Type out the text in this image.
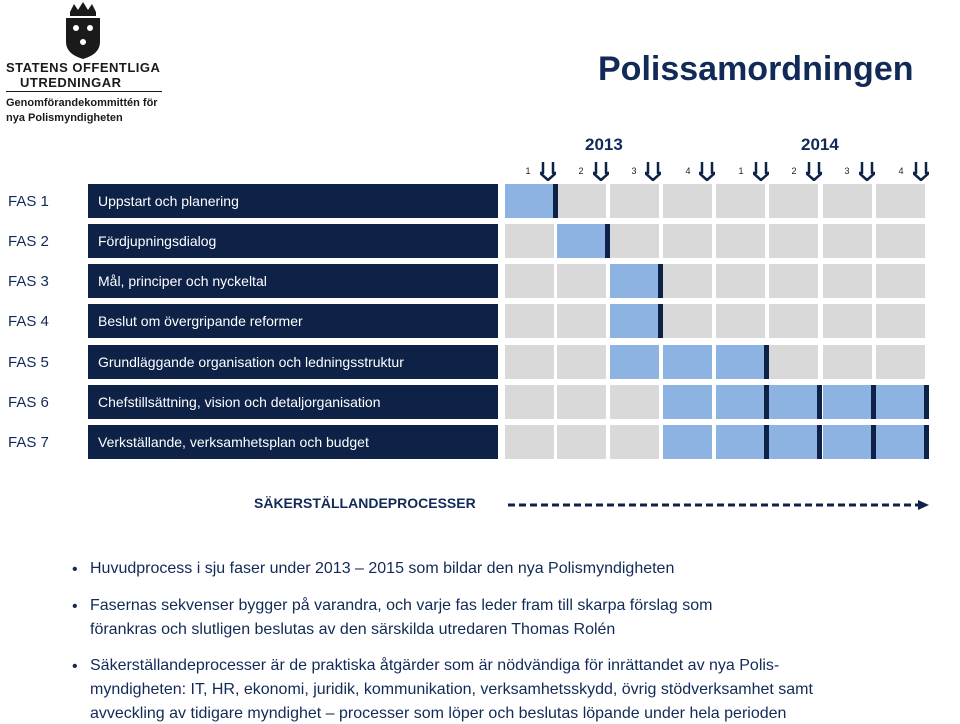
STATENS OFFENTLIGA
UTREDNINGAR
Genomförandekommittén för
nya Polismyndigheten
Polissamordningen
2013	2014
1	2	3	4	1	2	3	4
FAS 1	Uppstart och planering
FAS 2	Fördjupningsdialog
FAS 3	Mål, principer och nyckeltal
FAS 4	Beslut om övergripande reformer
FAS 5	Grundläggande organisation och ledningsstruktur
FAS 6	Chefstillsättning, vision och detaljorganisation
FAS 7	Verkställande, verksamhetsplan och budget
SÄKERSTÄLLANDEPROCESSER
• Huvudprocess i sju faser under 2013 – 2015 som bildar den nya Polismyndigheten
• Fasernas sekvenser bygger på varandra, och varje fas leder fram till skarpa förslag som
förankras och slutligen beslutas av den särskilda utredaren Thomas Rolén
• Säkerställandeprocesser är de praktiska åtgärder som är nödvändiga för inrättandet av nya Polis-
myndigheten: IT, HR, ekonomi, juridik, kommunikation, verksamhetsskydd, övrig stödverksamhet samt
avveckling av tidigare myndighet – processer som löper och beslutas löpande under hela perioden
